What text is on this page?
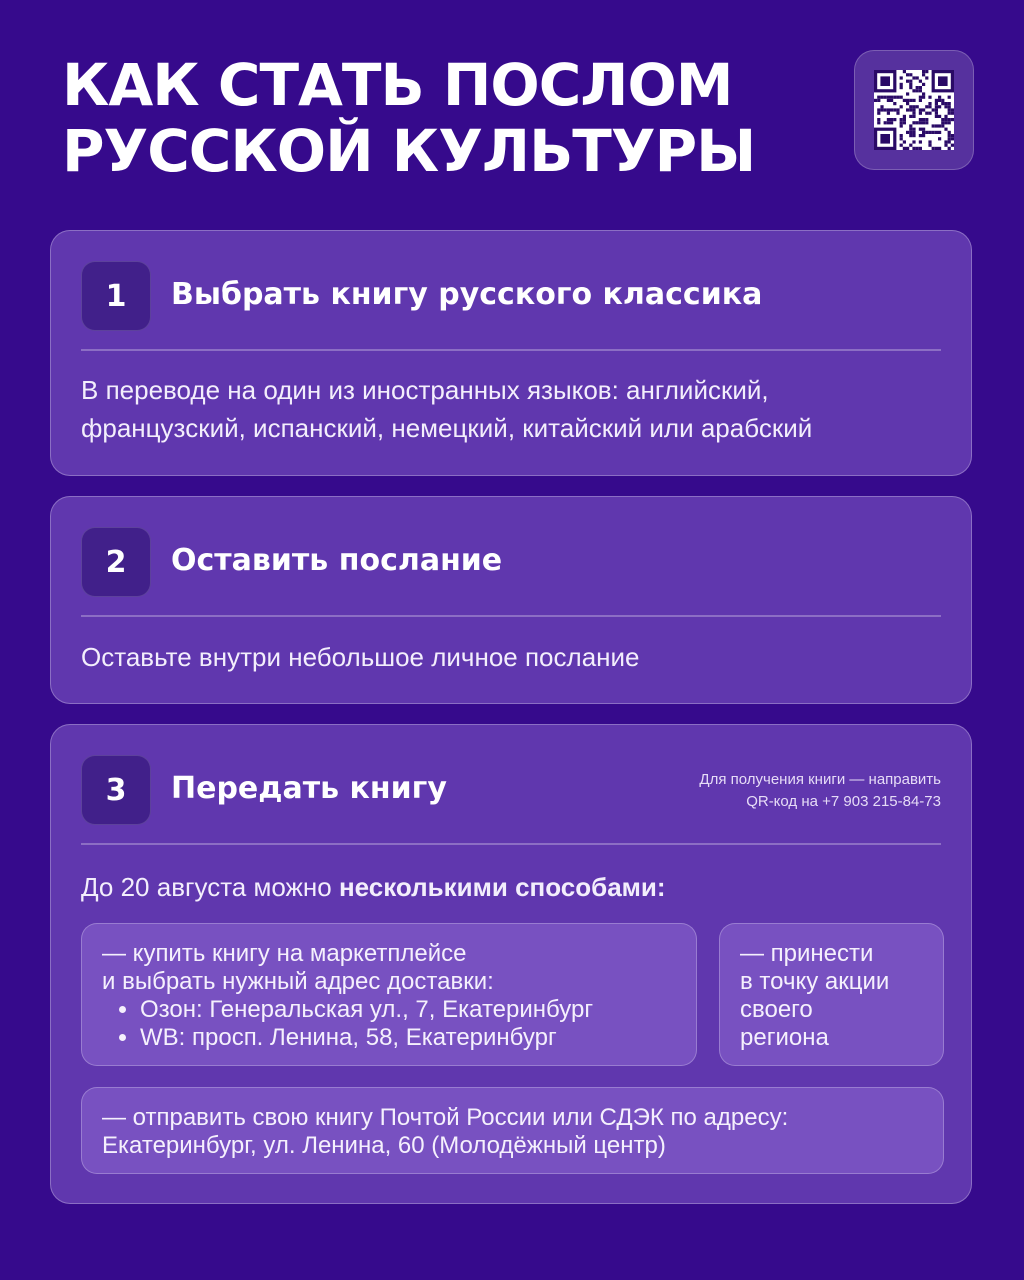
КАК СТАТЬ ПОСЛОМ
РУССКОЙ КУЛЬТУРЫ
1	Выбрать книгу русского классика
В переводе на один из иностранных языков: английский,
французский, испанский, немецкий, китайский или арабский
2	Оставить послание
Оставьте внутри небольшое личное послание
3	Передать книгу	Для получения книги — направить
QR-код на +7 903 215-84-73
До 20 августа можно несколькими способами:
— купить книгу на маркетплейсе
и выбрать нужный адрес доставки:
• Озон: Генеральская ул., 7, Екатеринбург
• WB: просп. Ленина, 58, Екатеринбург
— принести
в точку акции
своего
региона
— отправить свою книгу Почтой России или СДЭК по адресу:
Екатеринбург, ул. Ленина, 60 (Молодёжный центр)
